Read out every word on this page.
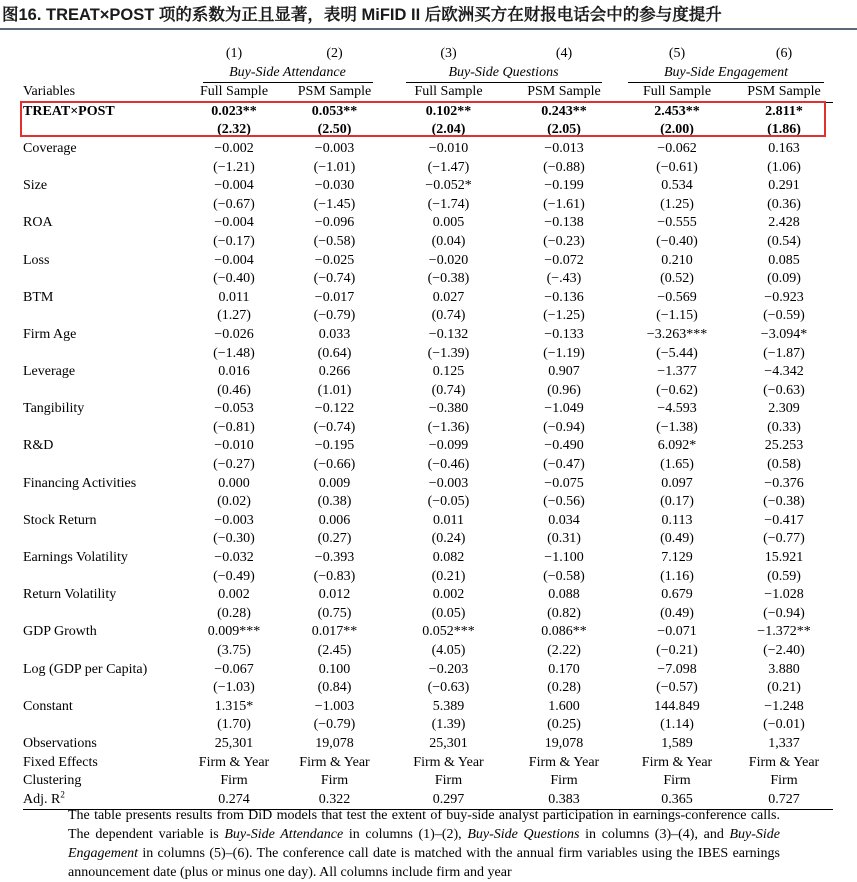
图16. TREAT×POST 项的系数为正且显著，表明 MiFID II 后欧洲买方在财报电话会中的参与度提升
	(1)	(2)	(3)	(4)	(5)	(6)
	Buy-Side Attendance		Buy-Side Questions		Buy-Side Engagement	
Variables	Full Sample	PSM Sample	Full Sample	PSM Sample	Full Sample	PSM Sample
TREAT×POST	0.023**	0.053**	0.102**	0.243**	2.453**	2.811*
	(2.32)	(2.50)	(2.04)	(2.05)	(2.00)	(1.86)
Coverage	−0.002	−0.003	−0.010	−0.013	−0.062	0.163
	(−1.21)	(−1.01)	(−1.47)	(−0.88)	(−0.61)	(1.06)
Size	−0.004	−0.030	−0.052*	−0.199	0.534	0.291
	(−0.67)	(−1.45)	(−1.74)	(−1.61)	(1.25)	(0.36)
ROA	−0.004	−0.096	0.005	−0.138	−0.555	2.428
	(−0.17)	(−0.58)	(0.04)	(−0.23)	(−0.40)	(0.54)
Loss	−0.004	−0.025	−0.020	−0.072	0.210	0.085
	(−0.40)	(−0.74)	(−0.38)	(−.43)	(0.52)	(0.09)
BTM	0.011	−0.017	0.027	−0.136	−0.569	−0.923
	(1.27)	(−0.79)	(0.74)	(−1.25)	(−1.15)	(−0.59)
Firm Age	−0.026	0.033	−0.132	−0.133	−3.263***	−3.094*
	(−1.48)	(0.64)	(−1.39)	(−1.19)	(−5.44)	(−1.87)
Leverage	0.016	0.266	0.125	0.907	−1.377	−4.342
	(0.46)	(1.01)	(0.74)	(0.96)	(−0.62)	(−0.63)
Tangibility	−0.053	−0.122	−0.380	−1.049	−4.593	2.309
	(−0.81)	(−0.74)	(−1.36)	(−0.94)	(−1.38)	(0.33)
R&D	−0.010	−0.195	−0.099	−0.490	6.092*	25.253
	(−0.27)	(−0.66)	(−0.46)	(−0.47)	(1.65)	(0.58)
Financing Activities	0.000	0.009	−0.003	−0.075	0.097	−0.376
	(0.02)	(0.38)	(−0.05)	(−0.56)	(0.17)	(−0.38)
Stock Return	−0.003	0.006	0.011	0.034	0.113	−0.417
	(−0.30)	(0.27)	(0.24)	(0.31)	(0.49)	(−0.77)
Earnings Volatility	−0.032	−0.393	0.082	−1.100	7.129	15.921
	(−0.49)	(−0.83)	(0.21)	(−0.58)	(1.16)	(0.59)
Return Volatility	0.002	0.012	0.002	0.088	0.679	−1.028
	(0.28)	(0.75)	(0.05)	(0.82)	(0.49)	(−0.94)
GDP Growth	0.009***	0.017**	0.052***	0.086**	−0.071	−1.372**
	(3.75)	(2.45)	(4.05)	(2.22)	(−0.21)	(−2.40)
Log (GDP per Capita)	−0.067	0.100	−0.203	0.170	−7.098	3.880
	(−1.03)	(0.84)	(−0.63)	(0.28)	(−0.57)	(0.21)
Constant	1.315*	−1.003	5.389	1.600	144.849	−1.248
	(1.70)	(−0.79)	(1.39)	(0.25)	(1.14)	(−0.01)
Observations	25,301	19,078	25,301	19,078	1,589	1,337
Fixed Effects	Firm & Year	Firm & Year	Firm & Year	Firm & Year	Firm & Year	Firm & Year
Clustering	Firm	Firm	Firm	Firm	Firm	Firm
Adj. $R^2$	0.274	0.322	0.297	0.383	0.365	0.727
The table presents results from DiD models that test the extent of buy-side analyst participation in earnings-conference calls. The dependent variable is Buy-Side Attendance in columns (1)–(2), Buy-Side Questions in columns (3)–(4), and Buy-Side Engagement in columns (5)–(6). The conference call date is matched with the annual firm variables using the IBES earnings announcement date (plus or minus one day). All columns include firm and year
